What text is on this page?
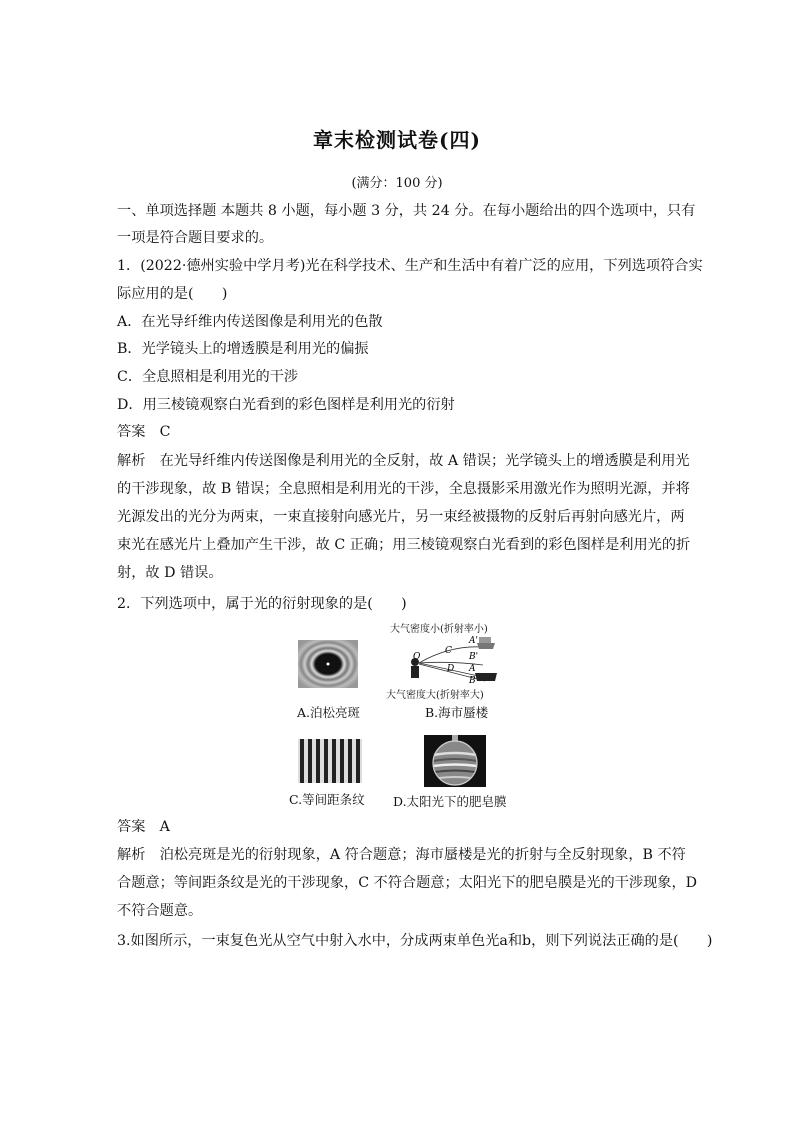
章末检测试卷(四)
(满分：100 分)
一、单项选择题 本题共 8 小题，每小题 3 分，共 24 分。在每小题给出的四个选项中，只有
一项是符合题目要求的。
1．(2022·德州实验中学月考)光在科学技术、生产和生活中有着广泛的应用，下列选项符合实
际应用的是(　　)
A．在光导纤维内传送图像是利用光的色散
B．光学镜头上的增透膜是利用光的偏振
C．全息照相是利用光的干涉
D．用三棱镜观察白光看到的彩色图样是利用光的衍射
答案　C
解析　在光导纤维内传送图像是利用光的全反射，故 A 错误；光学镜头上的增透膜是利用光
的干涉现象，故 B 错误；全息照相是利用光的干涉，全息摄影采用激光作为照明光源，并将
光源发出的光分为两束，一束直接射向感光片，另一束经被摄物的反射后再射向感光片，两
束光在感光片上叠加产生干涉，故 C 正确；用三棱镜观察白光看到的彩色图样是利用光的折
射，故 D 错误。
2．下列选项中，属于光的衍射现象的是(　　)
A.泊松亮斑
大气密度小(折射率小)
O
C
D
A'
B'
A
B
大气密度大(折射率大)
B.海市蜃楼
C.等间距条纹 D.太阳光下的肥皂膜
答案　A
解析　泊松亮斑是光的衍射现象，A 符合题意；海市蜃楼是光的折射与全反射现象，B 不符
合题意；等间距条纹是光的干涉现象，C 不符合题意；太阳光下的肥皂膜是光的干涉现象，D
不符合题意。
3.如图所示，一束复色光从空气中射入水中，分成两束单色光a和b，则下列说法正确的是(　　)
